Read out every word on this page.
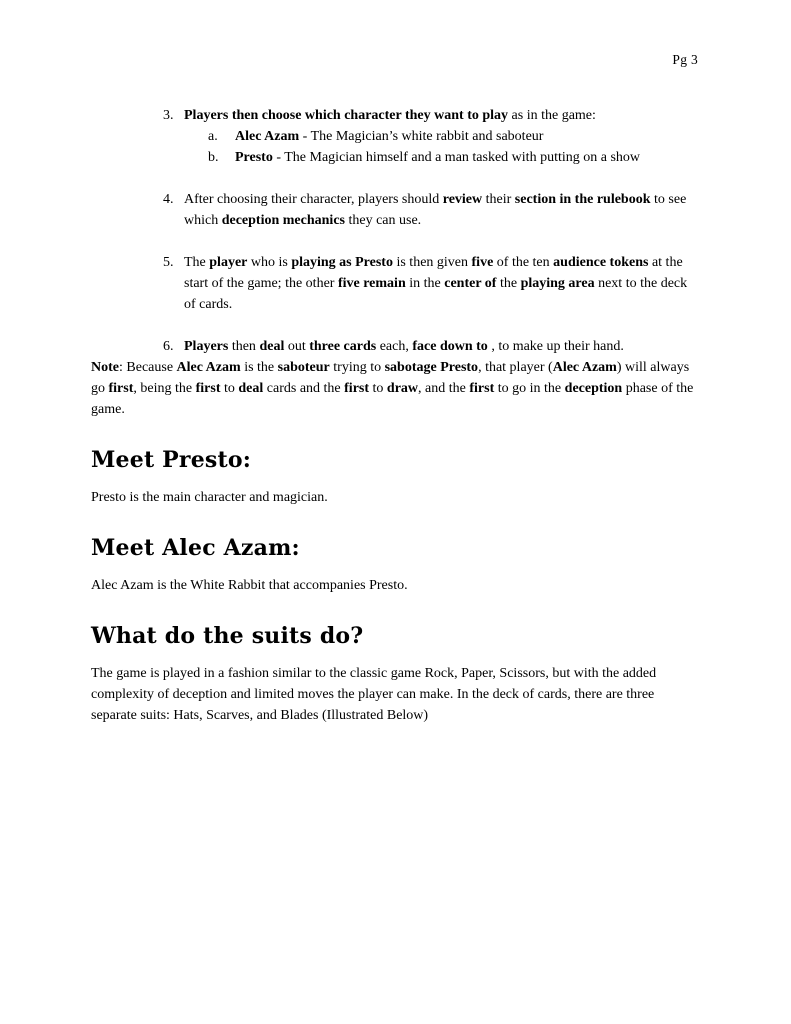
Pg 3
3. Players then choose which character they want to play as in the game:
a.	Alec Azam - The Magician’s white rabbit and saboteur
b.	Presto - The Magician himself and a man tasked with putting on a show
4. After choosing their character, players should review their section in the rulebook to see which deception mechanics they can use.
5. The player who is playing as Presto is then given five of the ten audience tokens at the start of the game; the other five remain in the center of the playing area next to the deck of cards.
6. Players then deal out three cards each, face down to , to make up their hand.

Note: Because Alec Azam is the saboteur trying to sabotage Presto, that player (Alec Azam) will always go first, being the first to deal cards and the first to draw, and the first to go in the deception phase of the game.

Meet Presto:

Presto is the main character and magician.

Meet Alec Azam:

Alec Azam is the White Rabbit that accompanies Presto.

What do the suits do?

The game is played in a fashion similar to the classic game Rock, Paper, Scissors, but with the added complexity of deception and limited moves the player can make. In the deck of cards, there are three separate suits: Hats, Scarves, and Blades (Illustrated Below)
